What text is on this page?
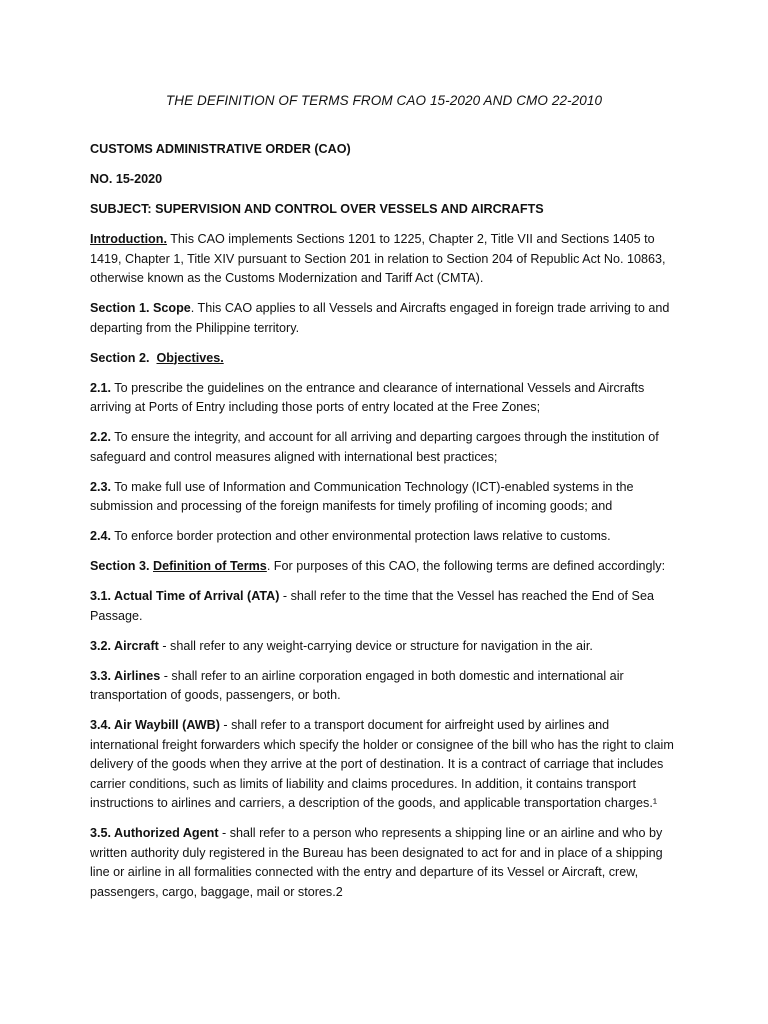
THE DEFINITION OF TERMS FROM CAO 15-2020 AND CMO 22-2010
CUSTOMS ADMINISTRATIVE ORDER (CAO)
NO. 15-2020
SUBJECT: SUPERVISION AND CONTROL OVER VESSELS AND AIRCRAFTS

Introduction. This CAO implements Sections 1201 to 1225, Chapter 2, Title VII and Sections 1405 to 1419, Chapter 1, Title XIV pursuant to Section 201 in relation to Section 204 of Republic Act No. 10863, otherwise known as the Customs Modernization and Tariff Act (CMTA).

Section 1. Scope. This CAO applies to all Vessels and Aircrafts engaged in foreign trade arriving to and departing from the Philippine territory.

Section 2. Objectives.

2.1. To prescribe the guidelines on the entrance and clearance of international Vessels and Aircrafts arriving at Ports of Entry including those ports of entry located at the Free Zones;

2.2. To ensure the integrity, and account for all arriving and departing cargoes through the institution of safeguard and control measures aligned with international best practices;

2.3. To make full use of Information and Communication Technology (ICT)-enabled systems in the submission and processing of the foreign manifests for timely profiling of incoming goods; and

2.4. To enforce border protection and other environmental protection laws relative to customs.

Section 3. Definition of Terms. For purposes of this CAO, the following terms are defined accordingly:

3.1. Actual Time of Arrival (ATA) - shall refer to the time that the Vessel has reached the End of Sea Passage.

3.2. Aircraft - shall refer to any weight-carrying device or structure for navigation in the air.

3.3. Airlines - shall refer to an airline corporation engaged in both domestic and international air transportation of goods, passengers, or both.

3.4. Air Waybill (AWB) - shall refer to a transport document for airfreight used by airlines and international freight forwarders which specify the holder or consignee of the bill who has the right to claim delivery of the goods when they arrive at the port of destination. It is a contract of carriage that includes carrier conditions, such as limits of liability and claims procedures. In addition, it contains transport instructions to airlines and carriers, a description of the goods, and applicable transportation charges.¹

3.5. Authorized Agent - shall refer to a person who represents a shipping line or an airline and who by written authority duly registered in the Bureau has been designated to act for and in place of a shipping line or airline in all formalities connected with the entry and departure of its Vessel or Aircraft, crew, passengers, cargo, baggage, mail or stores.2
